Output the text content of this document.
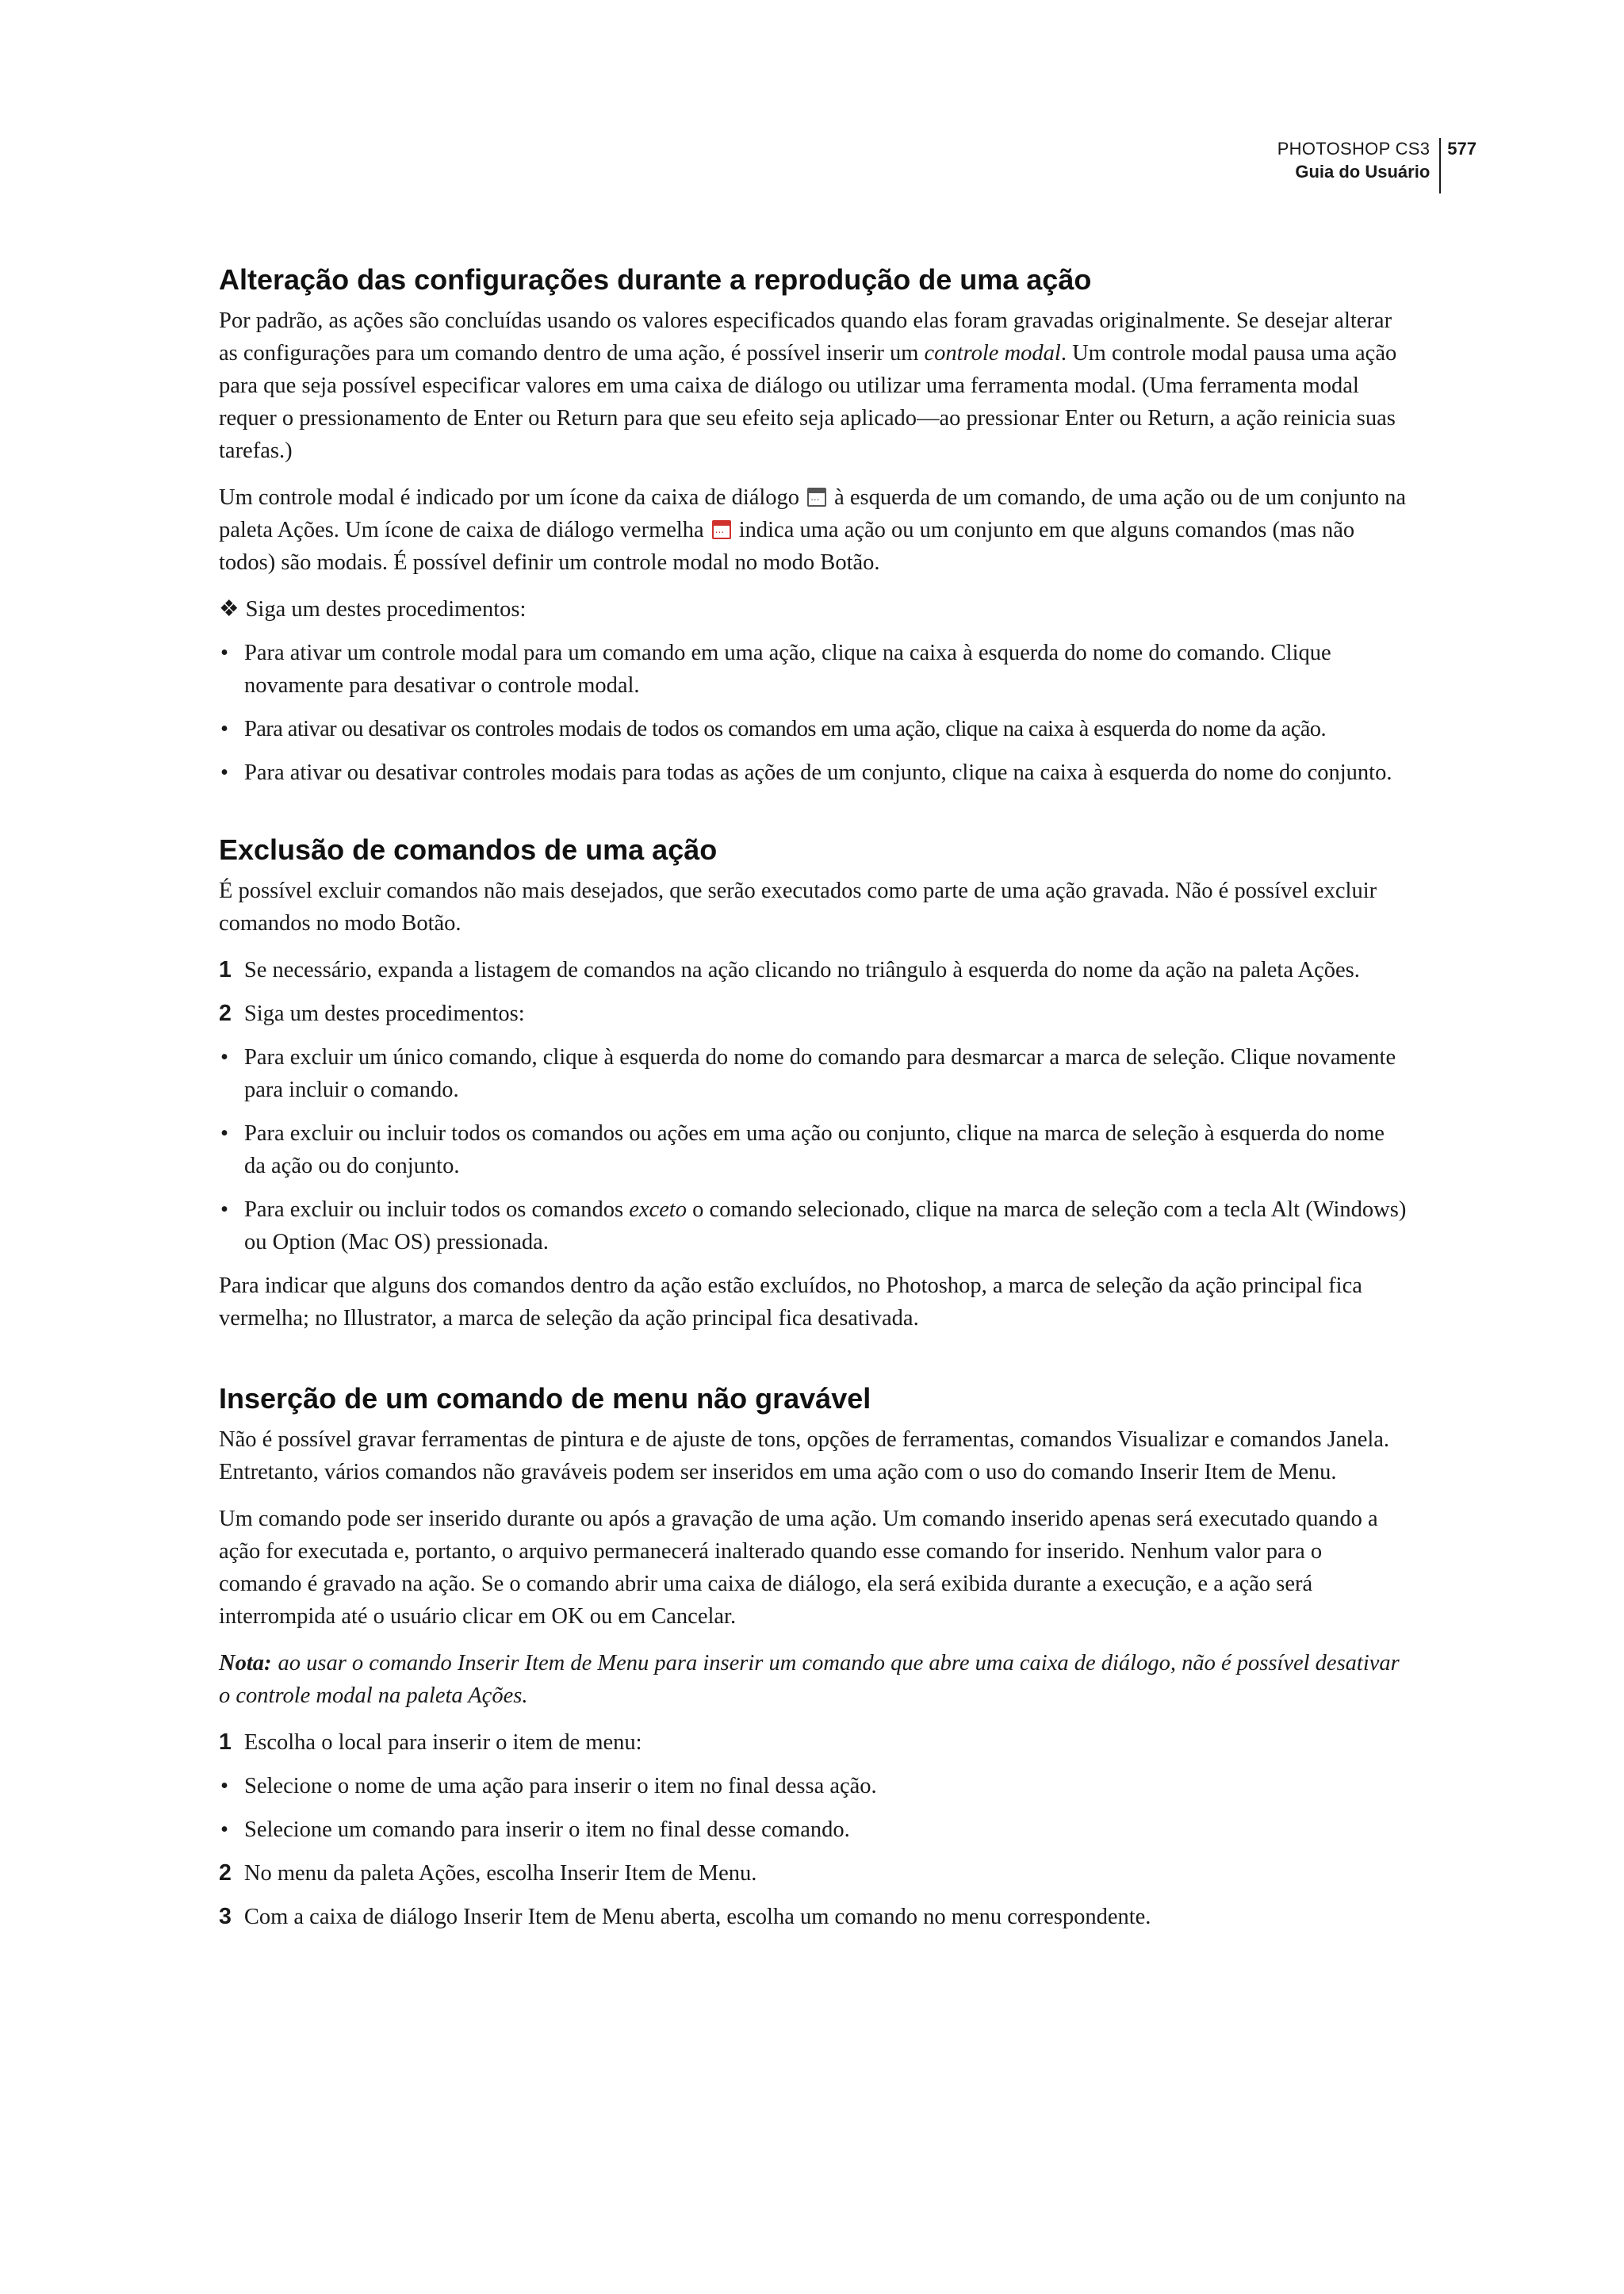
PHOTOSHOP CS3
Guia do Usuário
577
Alteração das configurações durante a reprodução de uma ação

Por padrão, as ações são concluídas usando os valores especificados quando elas foram gravadas originalmente. Se desejar alterar as configurações para um comando dentro de uma ação, é possível inserir um controle modal. Um controle modal pausa uma ação para que seja possível especificar valores em uma caixa de diálogo ou utilizar uma ferramenta modal. (Uma ferramenta modal requer o pressionamento de Enter ou Return para que seu efeito seja aplicado—ao pressionar Enter ou Return, a ação reinicia suas tarefas.)

Um controle modal é indicado por um ícone da caixa de diálogo ... à esquerda de um comando, de uma ação ou de um conjunto na paleta Ações. Um ícone de caixa de diálogo vermelha ... indica uma ação ou um conjunto em que alguns comandos (mas não todos) são modais. É possível definir um controle modal no modo Botão.

❖ Siga um destes procedimentos:

• Para ativar um controle modal para um comando em uma ação, clique na caixa à esquerda do nome do comando. Clique novamente para desativar o controle modal.

• Para ativar ou desativar os controles modais de todos os comandos em uma ação, clique na caixa à esquerda do nome da ação.

• Para ativar ou desativar controles modais para todas as ações de um conjunto, clique na caixa à esquerda do nome do conjunto.

Exclusão de comandos de uma ação

É possível excluir comandos não mais desejados, que serão executados como parte de uma ação gravada. Não é possível excluir comandos no modo Botão.

1 Se necessário, expanda a listagem de comandos na ação clicando no triângulo à esquerda do nome da ação na paleta Ações.

2 Siga um destes procedimentos:

• Para excluir um único comando, clique à esquerda do nome do comando para desmarcar a marca de seleção. Clique novamente para incluir o comando.

• Para excluir ou incluir todos os comandos ou ações em uma ação ou conjunto, clique na marca de seleção à esquerda do nome da ação ou do conjunto.

• Para excluir ou incluir todos os comandos exceto o comando selecionado, clique na marca de seleção com a tecla Alt (Windows) ou Option (Mac OS) pressionada.

Para indicar que alguns dos comandos dentro da ação estão excluídos, no Photoshop, a marca de seleção da ação principal fica vermelha; no Illustrator, a marca de seleção da ação principal fica desativada.

Inserção de um comando de menu não gravável

Não é possível gravar ferramentas de pintura e de ajuste de tons, opções de ferramentas, comandos Visualizar e comandos Janela. Entretanto, vários comandos não graváveis podem ser inseridos em uma ação com o uso do comando Inserir Item de Menu.

Um comando pode ser inserido durante ou após a gravação de uma ação. Um comando inserido apenas será executado quando a ação for executada e, portanto, o arquivo permanecerá inalterado quando esse comando for inserido. Nenhum valor para o comando é gravado na ação. Se o comando abrir uma caixa de diálogo, ela será exibida durante a execução, e a ação será interrompida até o usuário clicar em OK ou em Cancelar.

Nota: ao usar o comando Inserir Item de Menu para inserir um comando que abre uma caixa de diálogo, não é possível desativar o controle modal na paleta Ações.

1 Escolha o local para inserir o item de menu:

• Selecione o nome de uma ação para inserir o item no final dessa ação.

• Selecione um comando para inserir o item no final desse comando.

2 No menu da paleta Ações, escolha Inserir Item de Menu.

3 Com a caixa de diálogo Inserir Item de Menu aberta, escolha um comando no menu correspondente.
